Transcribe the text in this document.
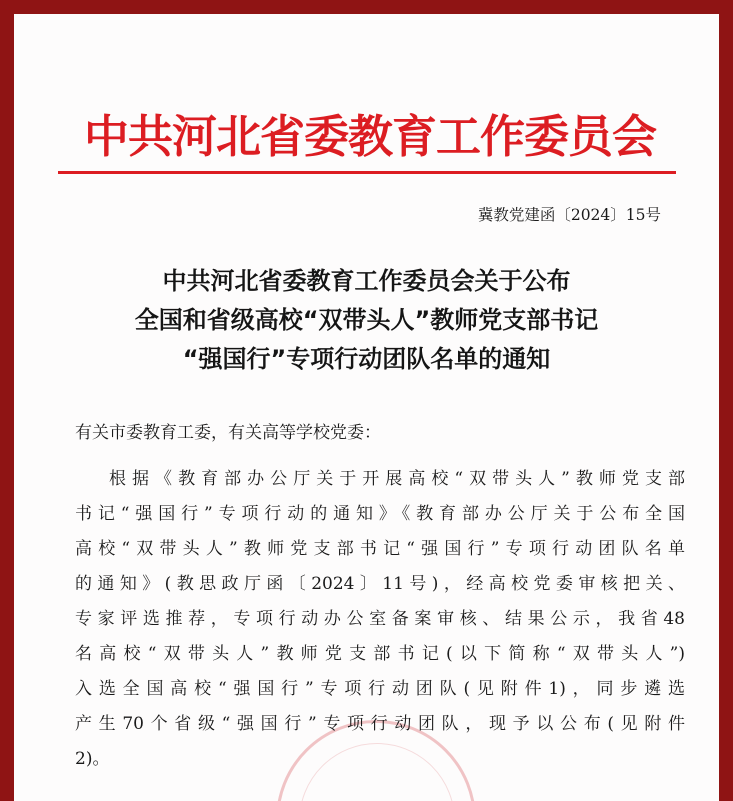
中共河北省委教育工作委员会
冀教党建函〔2024〕15号
中共河北省委教育工作委员会关于公布
全国和省级高校“双带头人”教师党支部书记
“强国行”专项行动团队名单的通知
有关市委教育工委，有关高等学校党委：
根据《教育部办公厅关于开展高校“双带头人”教师党支部
书记“强国行”专项行动的通知》《教育部办公厅关于公布全国
高校“双带头人”教师党支部书记“强国行”专项行动团队名单
的通知》(教思政厅函〔2024〕11号)，经高校党委审核把关、
专家评选推荐，专项行动办公室备案审核、结果公示，我省48
名高校“双带头人”教师党支部书记(以下简称“双带头人”)
入选全国高校“强国行”专项行动团队(见附件1)，同步遴选
产生70个省级“强国行”专项行动团队，现予以公布(见附件
2)。
